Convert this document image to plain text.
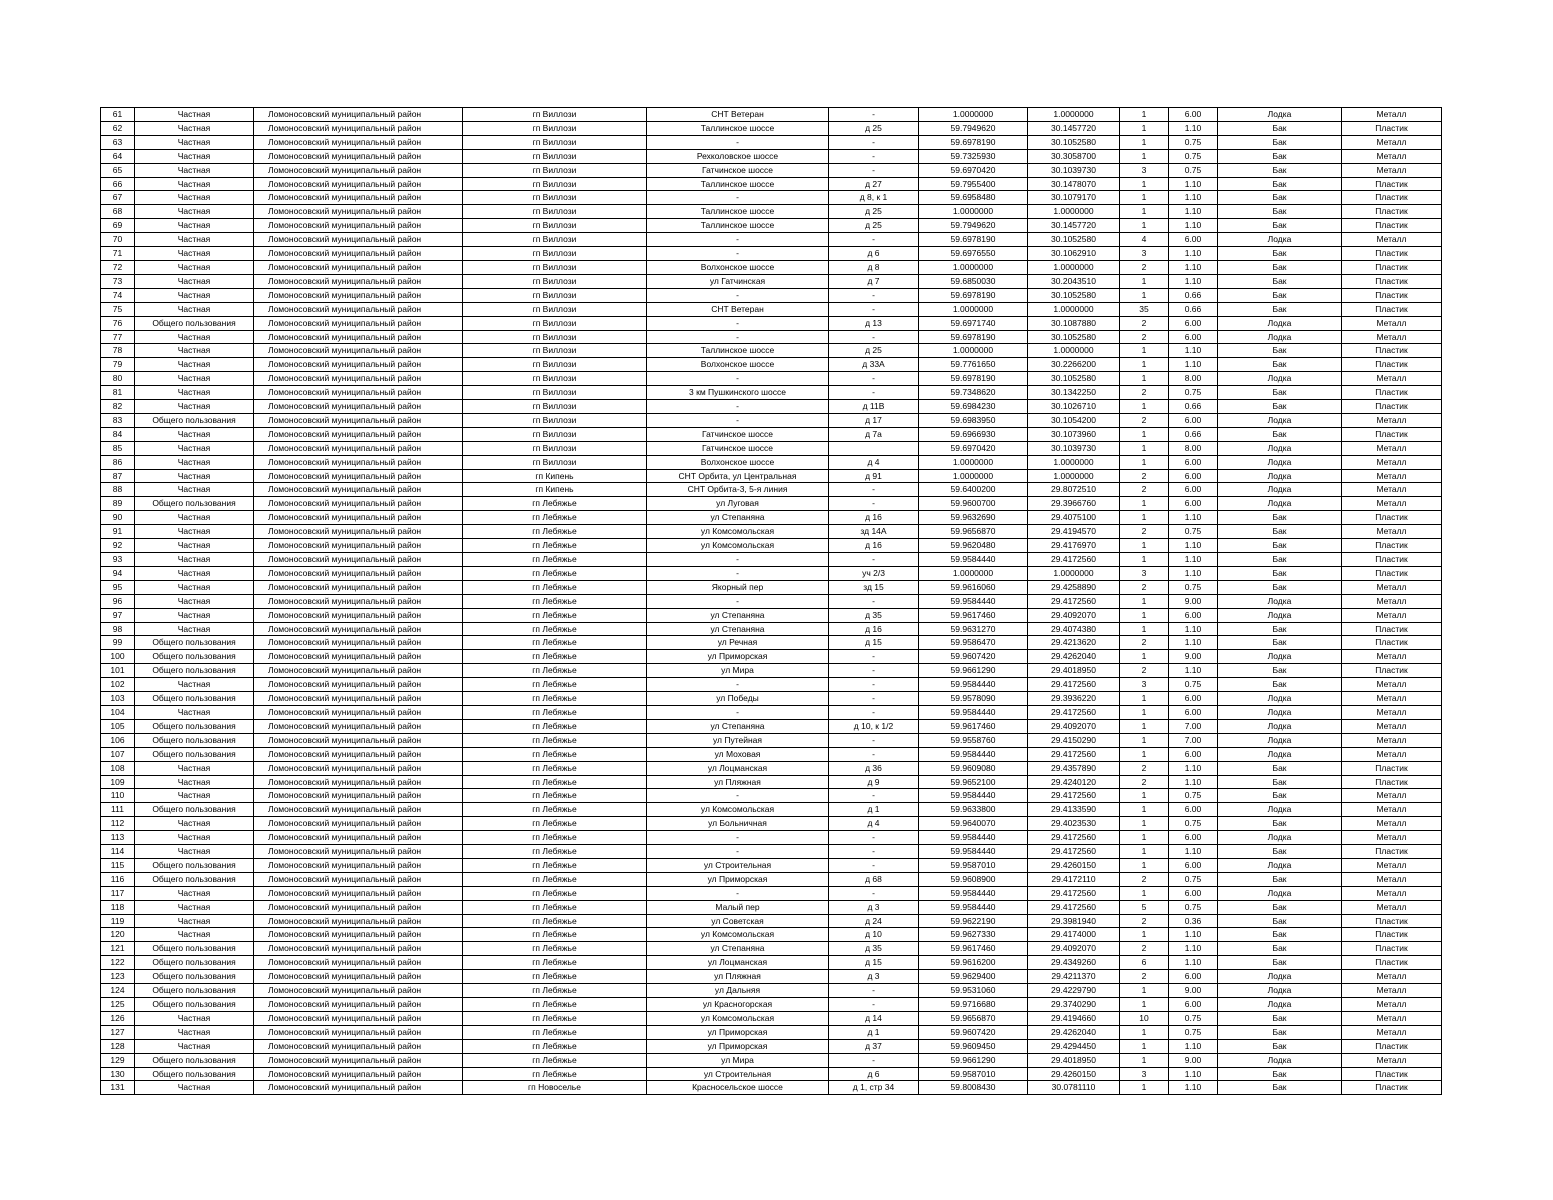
61	Частная	Ломоносовский муниципальный район	гп Виллози	СНТ Ветеран	-	1.0000000	1.0000000	1	6.00	Лодка	Металл
62	Частная	Ломоносовский муниципальный район	гп Виллози	Таллинское шоссе	д 25	59.7949620	30.1457720	1	1.10	Бак	Пластик
63	Частная	Ломоносовский муниципальный район	гп Виллози	-	-	59.6978190	30.1052580	1	0.75	Бак	Металл
64	Частная	Ломоносовский муниципальный район	гп Виллози	Рехколовское шоссе	-	59.7325930	30.3058700	1	0.75	Бак	Металл
65	Частная	Ломоносовский муниципальный район	гп Виллози	Гатчинское шоссе	-	59.6970420	30.1039730	3	0.75	Бак	Металл
66	Частная	Ломоносовский муниципальный район	гп Виллози	Таллинское шоссе	д 27	59.7955400	30.1478070	1	1.10	Бак	Пластик
67	Частная	Ломоносовский муниципальный район	гп Виллози	-	д 8, к 1	59.6958480	30.1079170	1	1.10	Бак	Пластик
68	Частная	Ломоносовский муниципальный район	гп Виллози	Таллинское шоссе	д 25	1.0000000	1.0000000	1	1.10	Бак	Пластик
69	Частная	Ломоносовский муниципальный район	гп Виллози	Таллинское шоссе	д 25	59.7949620	30.1457720	1	1.10	Бак	Пластик
70	Частная	Ломоносовский муниципальный район	гп Виллози	-	-	59.6978190	30.1052580	4	6.00	Лодка	Металл
71	Частная	Ломоносовский муниципальный район	гп Виллози	-	д 6	59.6976550	30.1062910	3	1.10	Бак	Пластик
72	Частная	Ломоносовский муниципальный район	гп Виллози	Волхонское шоссе	д 8	1.0000000	1.0000000	2	1.10	Бак	Пластик
73	Частная	Ломоносовский муниципальный район	гп Виллози	ул Гатчинская	д 7	59.6850030	30.2043510	1	1.10	Бак	Пластик
74	Частная	Ломоносовский муниципальный район	гп Виллози	-	-	59.6978190	30.1052580	1	0.66	Бак	Пластик
75	Частная	Ломоносовский муниципальный район	гп Виллози	СНТ Ветеран	-	1.0000000	1.0000000	35	0.66	Бак	Пластик
76	Общего пользования	Ломоносовский муниципальный район	гп Виллози	-	д 13	59.6971740	30.1087880	2	6.00	Лодка	Металл
77	Частная	Ломоносовский муниципальный район	гп Виллози	-	-	59.6978190	30.1052580	2	6.00	Лодка	Металл
78	Частная	Ломоносовский муниципальный район	гп Виллози	Таллинское шоссе	д 25	1.0000000	1.0000000	1	1.10	Бак	Пластик
79	Частная	Ломоносовский муниципальный район	гп Виллози	Волхонское шоссе	д 33А	59.7761650	30.2266200	1	1.10	Бак	Пластик
80	Частная	Ломоносовский муниципальный район	гп Виллози	-	-	59.6978190	30.1052580	1	8.00	Лодка	Металл
81	Частная	Ломоносовский муниципальный район	гп Виллози	3 км Пушкинского шоссе	-	59.7348620	30.1342250	2	0.75	Бак	Пластик
82	Частная	Ломоносовский муниципальный район	гп Виллози	-	д 11В	59.6984230	30.1026710	1	0.66	Бак	Пластик
83	Общего пользования	Ломоносовский муниципальный район	гп Виллози	-	д 17	59.6983950	30.1054200	2	6.00	Лодка	Металл
84	Частная	Ломоносовский муниципальный район	гп Виллози	Гатчинское шоссе	д 7а	59.6966930	30.1073960	1	0.66	Бак	Пластик
85	Частная	Ломоносовский муниципальный район	гп Виллози	Гатчинское шоссе		59.6970420	30.1039730	1	8.00	Лодка	Металл
86	Частная	Ломоносовский муниципальный район	гп Виллози	Волхонское шоссе	д 4	1.0000000	1.0000000	1	6.00	Лодка	Металл
87	Частная	Ломоносовский муниципальный район	гп Кипень	СНТ Орбита, ул Центральная	д 91	1.0000000	1.0000000	2	6.00	Лодка	Металл
88	Частная	Ломоносовский муниципальный район	гп Кипень	СНТ Орбита-3, 5-я линия	-	59.6400200	29.8072510	2	6.00	Лодка	Металл
89	Общего пользования	Ломоносовский муниципальный район	гп Лебяжье	ул Луговая	-	59.9600700	29.3966760	1	6.00	Лодка	Металл
90	Частная	Ломоносовский муниципальный район	гп Лебяжье	ул Степаняна	д 16	59.9632690	29.4075100	1	1.10	Бак	Пластик
91	Частная	Ломоносовский муниципальный район	гп Лебяжье	ул Комсомольская	зд 14А	59.9656870	29.4194570	2	0.75	Бак	Металл
92	Частная	Ломоносовский муниципальный район	гп Лебяжье	ул Комсомольская	д 16	59.9620480	29.4176970	1	1.10	Бак	Пластик
93	Частная	Ломоносовский муниципальный район	гп Лебяжье	-	-	59.9584440	29.4172560	1	1.10	Бак	Пластик
94	Частная	Ломоносовский муниципальный район	гп Лебяжье	-	уч 2/3	1.0000000	1.0000000	3	1.10	Бак	Пластик
95	Частная	Ломоносовский муниципальный район	гп Лебяжье	Якорный пер	зд 15	59.9616060	29.4258890	2	0.75	Бак	Металл
96	Частная	Ломоносовский муниципальный район	гп Лебяжье	-	-	59.9584440	29.4172560	1	9.00	Лодка	Металл
97	Частная	Ломоносовский муниципальный район	гп Лебяжье	ул Степаняна	д 35	59.9617460	29.4092070	1	6.00	Лодка	Металл
98	Частная	Ломоносовский муниципальный район	гп Лебяжье	ул Степаняна	д 16	59.9631270	29.4074380	1	1.10	Бак	Пластик
99	Общего пользования	Ломоносовский муниципальный район	гп Лебяжье	ул Речная	д 15	59.9586470	29.4213620	2	1.10	Бак	Пластик
100	Общего пользования	Ломоносовский муниципальный район	гп Лебяжье	ул Приморская	-	59.9607420	29.4262040	1	9.00	Лодка	Металл
101	Общего пользования	Ломоносовский муниципальный район	гп Лебяжье	ул Мира	-	59.9661290	29.4018950	2	1.10	Бак	Пластик
102	Частная	Ломоносовский муниципальный район	гп Лебяжье	-	-	59.9584440	29.4172560	3	0.75	Бак	Металл
103	Общего пользования	Ломоносовский муниципальный район	гп Лебяжье	ул Победы	-	59.9578090	29.3936220	1	6.00	Лодка	Металл
104	Частная	Ломоносовский муниципальный район	гп Лебяжье	-	-	59.9584440	29.4172560	1	6.00	Лодка	Металл
105	Общего пользования	Ломоносовский муниципальный район	гп Лебяжье	ул Степаняна	д 10, к 1/2	59.9617460	29.4092070	1	7.00	Лодка	Металл
106	Общего пользования	Ломоносовский муниципальный район	гп Лебяжье	ул Путейная	-	59.9558760	29.4150290	1	7.00	Лодка	Металл
107	Общего пользования	Ломоносовский муниципальный район	гп Лебяжье	ул Моховая	-	59.9584440	29.4172560	1	6.00	Лодка	Металл
108	Частная	Ломоносовский муниципальный район	гп Лебяжье	ул Лоцманская	д 36	59.9609080	29.4357890	2	1.10	Бак	Пластик
109	Частная	Ломоносовский муниципальный район	гп Лебяжье	ул Пляжная	д 9	59.9652100	29.4240120	2	1.10	Бак	Пластик
110	Частная	Ломоносовский муниципальный район	гп Лебяжье	-	-	59.9584440	29.4172560	1	0.75	Бак	Металл
111	Общего пользования	Ломоносовский муниципальный район	гп Лебяжье	ул Комсомольская	д 1	59.9633800	29.4133590	1	6.00	Лодка	Металл
112	Частная	Ломоносовский муниципальный район	гп Лебяжье	ул Больничная	д 4	59.9640070	29.4023530	1	0.75	Бак	Металл
113	Частная	Ломоносовский муниципальный район	гп Лебяжье	-	-	59.9584440	29.4172560	1	6.00	Лодка	Металл
114	Частная	Ломоносовский муниципальный район	гп Лебяжье	-	-	59.9584440	29.4172560	1	1.10	Бак	Пластик
115	Общего пользования	Ломоносовский муниципальный район	гп Лебяжье	ул Строительная	-	59.9587010	29.4260150	1	6.00	Лодка	Металл
116	Общего пользования	Ломоносовский муниципальный район	гп Лебяжье	ул Приморская	д 68	59.9608900	29.4172110	2	0.75	Бак	Металл
117	Частная	Ломоносовский муниципальный район	гп Лебяжье	-	-	59.9584440	29.4172560	1	6.00	Лодка	Металл
118	Частная	Ломоносовский муниципальный район	гп Лебяжье	Малый пер	д 3	59.9584440	29.4172560	5	0.75	Бак	Металл
119	Частная	Ломоносовский муниципальный район	гп Лебяжье	ул Советская	д 24	59.9622190	29.3981940	2	0.36	Бак	Пластик
120	Частная	Ломоносовский муниципальный район	гп Лебяжье	ул Комсомольская	д 10	59.9627330	29.4174000	1	1.10	Бак	Пластик
121	Общего пользования	Ломоносовский муниципальный район	гп Лебяжье	ул Степаняна	д 35	59.9617460	29.4092070	2	1.10	Бак	Пластик
122	Общего пользования	Ломоносовский муниципальный район	гп Лебяжье	ул Лоцманская	д 15	59.9616200	29.4349260	6	1.10	Бак	Пластик
123	Общего пользования	Ломоносовский муниципальный район	гп Лебяжье	ул Пляжная	д 3	59.9629400	29.4211370	2	6.00	Лодка	Металл
124	Общего пользования	Ломоносовский муниципальный район	гп Лебяжье	ул Дальняя	-	59.9531060	29.4229790	1	9.00	Лодка	Металл
125	Общего пользования	Ломоносовский муниципальный район	гп Лебяжье	ул Красногорская	-	59.9716680	29.3740290	1	6.00	Лодка	Металл
126	Частная	Ломоносовский муниципальный район	гп Лебяжье	ул Комсомольская	д 14	59.9656870	29.4194660	10	0.75	Бак	Металл
127	Частная	Ломоносовский муниципальный район	гп Лебяжье	ул Приморская	д 1	59.9607420	29.4262040	1	0.75	Бак	Металл
128	Частная	Ломоносовский муниципальный район	гп Лебяжье	ул Приморская	д 37	59.9609450	29.4294450	1	1.10	Бак	Пластик
129	Общего пользования	Ломоносовский муниципальный район	гп Лебяжье	ул Мира	-	59.9661290	29.4018950	1	9.00	Лодка	Металл
130	Общего пользования	Ломоносовский муниципальный район	гп Лебяжье	ул Строительная	д 6	59.9587010	29.4260150	3	1.10	Бак	Пластик
131	Частная	Ломоносовский муниципальный район	гп Новоселье	Красносельское шоссе	д 1, стр 34	59.8008430	30.0781110	1	1.10	Бак	Пластик
